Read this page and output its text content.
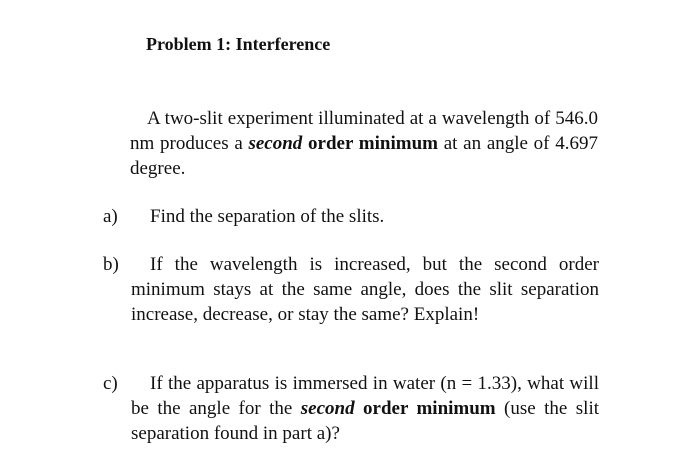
Problem 1: Interference
A two-slit experiment illuminated at a wavelength of 546.0 nm produces a second order minimum at an angle of 4.697 degree.
a)	Find the separation of the slits.
b)	If the wavelength is increased, but the second order minimum stays at the same angle, does the slit separation increase, decrease, or stay the same? Explain!
c)	If the apparatus is immersed in water (n = 1.33), what will be the angle for the second order minimum (use the slit separation found in part a)?
